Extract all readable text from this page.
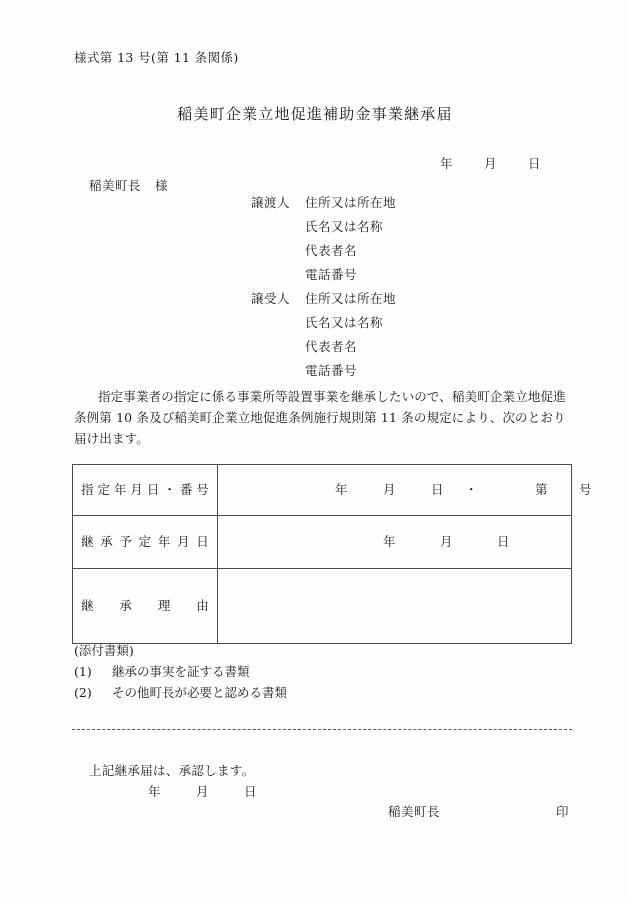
様式第 13 号(第 11 条関係)
稲美町企業立地促進補助金事業継承届
年	月	日
稲美町長 様
譲渡人	住所又は所在地
氏名又は名称
代表者名
電話番号
譲受人	住所又は所在地
氏名又は名称
代表者名
電話番号
指定事業者の指定に係る事業所等設置事業を継承したいので、稲美町企業立地促進
条例第 10 条及び稲美町企業立地促進条例施行規則第 11 条の規定により、次のとおり
届け出ます。
指定年月日・番号	年 月 日 ・ 第 号

継承予定年月日	年 月 日

継承理由	

(添付書類)
(1)	継承の事実を証する書類
(2)	その他町長が必要と認める書類
上記継承届は、承認します。
年	月	日
稲美町長	印
